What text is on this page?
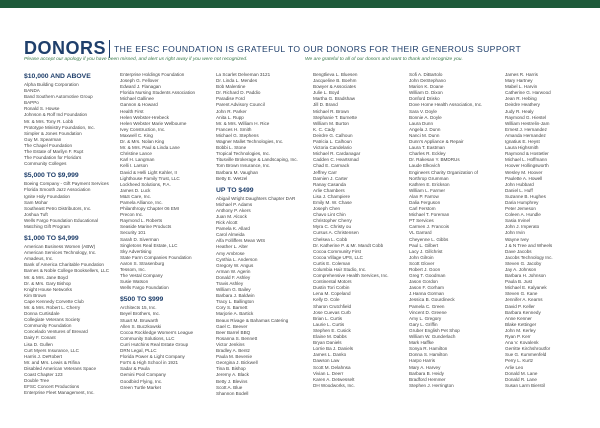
DONORS THE EFSC FOUNDATION IS GRATEFUL TO OUR DONORS FOR THEIR GENEROUS SUPPORT
Please accept our apology if you have been missed, and alert us right away if you were not recognized.	We are grateful to all of our donors and want to thank and recognize you.
$10,000 AND ABOVE
Alpha Building Corporation
BANDA
Band Southern Automotive Group
BAPPo
Ronald S. Howse
Johnson & Rolf Ind Foundation
Mr. & Mrs. Tony R. Lobb
Prototype Ministry Foundation, Inc.
Simpler & Jones Foundation
Guy M. Spearman
The Chapel Foundation
The Estate of Marilyn F. Rupt
The Foundation for Florida's
Community Colleges
$5,000 TO $9,999
Boeing Company - Gift Payment Services
Florida Smooth Jazz Association
Ignite Holy Foundation
Sam Mohar
Southeast Petro Distributors, Inc.
Joshua Tuft
Wells Fargo Foundation Educational
Matching Gift Program
$1,000 TO $4,999
American Business Women (ABW)
American Services Technology, Inc.
Amadeus, Inc.
Bank of America Charitable Foundation
Barnes & Noble College Booksellers, LLC
Mr. & Mrs. Jane Boyd
Dr. & Mrs. Gary Bishop
Knight House Networks
Kim Brown
Cape Kennedy Corvette Club
Mr. & Mrs. Robert L. Cherry
Donna Curtisdale
Collegiate Veterans Society
Community Foundation
Concelado Ventures of Brevard
Dairy F. Conant
Lisa D. Gullen
Curt Myers Insurance, LLC
Harris J. DeRobert
Mr. and Mrs. Lewis & Rifina
Disabled American Veterans Space
Coast Chapter 123
Double Tree
EFSC Concert Productions
Enterprise Fleet Management, Inc.
Enterprise Holdings Foundation
Joseph G. Fellover
Edward J. Flanagan
Florida Nursing Students Association
Michael Gallinee
Gannon & Howard
Health First
Helen Webster-Hrebeck
Helen Webster Marie Welbourne
Ivey Construction, Inc.
Maxwell C. King
Dr. & Mrs. Nolan King
Mr. & Mrs. Paul & Linda Lane
Christine Lance
Karl H. Langman
Kelli I. Larson
David & Helli Light Kahler, II
Lighthouse Family Trust, LLC
Lockheed Solutions, P.A.
James D. Luck
M&S Care, Inc.
Pamela Alliance, Inc.
Philanthropy Chapter 06 EMI
Precon Inc.
Raymond L. Roberts
Seaside Marine Products
Security 101
Sarah D. Siverman
Singletons Real Estate, LLC
Sky Advertising
State Farm Companies Foundation
Aaron S. Strasenburg
Tessom, Inc.
The Vestal Company
Susie Watson
Wells Fargo Foundation
$500 TO $999
Architects 15, Inc.
Beyel Brothers, Inc.
Stuart M. Bruwarth
Allen S. Buczkowski
Cocoa Rockledge Women's League
Community Solutions, LLC
Curri Hutchins Real Estate Group
DRN Legal, PLLC
Florida Power & Light Company
Fort's & High School in 1921
Sadar & Paula
Gemini Pool Company
Goodbird Flying, Inc.
Green Turtle Market
La Scarlet Delveman 3121
Dr. Linda L. Mendes
Bob Malentine
Dr. Richard D. Paddio
Paradise Ford
Parent Advisory Council
John R. Parker
Anita L. Rupp
Mr. & Mrs. William H. Rice
Frances H. Smith
Michael G. Stephens
Wagner Mallet Technologies, Inc.
Bobbi L. Stone
Tropical Technologies, Inc.
Titusville Brokerage & Landscaping, Inc.
Tom Brown Insurance, Inc.
Barbara M. Vaughan
Betty E. Wetzel
UP TO $499
Abigail Wright Daughters Chapter DAR
Michael P. Adams
Anthony P. Akers
Juan M. Alcock
Rick Alcott
Pamela K. Allard
Carol Almeida
Alfa Folliffers Mean WIS
Heather L. Alter
Amy Ambrose
Cynthia L. Anderson
Gregory W. Angus
Arman W. Agerin
Donald F. Ashley
Travis Ashley
William G. Bailey
Barbara J. Baldwin
Tracy L. Ballington
Cory S. Barnett
Marjorie A. Bartick
Beaux Rivage & Bahamas Catering
Gael C. Beever
Beer Barrel BBQ
Rosanna S. Bennett
Victor Jenkins
Bradley A. Bentz
Paula M. Bevenie
Georgina J. Bickwell
Tina B. Bishop
Jeremy A. Black
Betty J. Blevins
Scott A. Blue
Shannon Bodell
Bengtlieva L. Bluesen
Jacqueline B. Boehm
Bowyer & Associates
Julie L. Boyd
Martha G. Bradshaw
Jill D. Brand
Michael R. Brown
Stephanie T. Burnette
William M. Burton
K. C. Cady
Deirdre G. Calhoun
Patricia L. Calhoun
Victoria Candelario
Michael R. Cardanagar
Cadden C. Heartsmad
Chad E. Carmack
Jeffrey Carr
Damien J. Carter
Ranay Casanda
Arlie Chambers
Lisa J. Champiere
Emily M. W. Chase
Joseph Chen
Chavo Lint Chin
Christopher Cherry
Myra C. Christy ou
Cursus A. Christensen
Chelsea L. Cobb
Dr. Katherine P. & Mr. Mandt Cobb
Cocoa Community First
Cocoa Village UPS, LLC
Curtis E. Coleman
Columbia Hair Studio, Inc.
Comprehensive Health Services, Inc.
Continental Motors
Dustin Tori Corbin
Lena M. Copeland
Kelly D. Cole
Sharon Crutchfield
Jose Cuevas Curb
Brian L. Curtis
Laurie L. Curtis
Stephen E. Cusick
Elaine M. Dabbs
Bryan Daniels
Lorrie Ba J. Daniels
James L. Danko
Dawson Law
Scott M. Delahnsa
Vivian L. Deerr
Karen A. Detwesselt
DH Woodworks, Inc.
Sofi A. DiBartolo
John DeStephano
Marion K. Doane
William D. Dixon
Donford Drisko
Dove Home Health Association, Inc.
Sara V. Doyle
Bonnie A. Doyle
Laura Dunn
Angela J. Dunn
Nanci M. Dunn
Dunn's Appliance & Repair
Laura T. Eastman
Charles R. Eckley
Dr. Rakesan Y. BMDRUs
Laude Elkovich
Engineers Charity Organization of
Northrop Grumman
Kathren E. Erickson
William L. Farmer
Alan P. Farrow
Dalia Ferguson
Carl Ferstom
Michael T. Foreman
PT Services
Carmen J. Francois
VL Garrard
Cheyenne L. Gibbs
Paul L. Gilbert
Lacy J. Gillchrist
John Gilroin
Scott Glover
Robert J. Goon
Greg T. Goodman
Jason Gordon
Jason F. Gorham
J.Hanna Gorman
Jessica B. Gourdineck
Pamela C. Green
Vincent D. Greene
Amy L. Gregory
Gary L. Griffin
Gruber English Pet Shop
William W. Gunderlach
Mark Haffke
Sonya R. Hamilton
Donna S. Hamilton
Harpo Harris
Mary A. Harvey
Barbara B. Heidy
Bradford Hemmer
Stephen J. Herrington
James R. Harris
Mary Hartney
Mabel L. Harvin
Catherine G. Harwood
Jean R. Hebing
Deirdre Heathery
Judy R. Healy
Raymond G. Hiestel
William Hestrelin-Jam
Ernest J. Hernandez
Amanda Hernandez
Ignatius E. Heyst
Laura Highsmith
Raymond & Hostetler
Michael L. Hoffmann
Hoover Hollingsworth
Wesley M. Hoover
Paulette A. Howell
John Hubbard
Daniel L. Huff
Suzanne B. Hughes
Daria Humphrey
Peter Jemeson
Coleen A. Hundle
Sasia Irvinel
John J. Imperato
John Irvin
Wayne Ivey
J & N Tree and Wheels
Dave Jacobs
Jacobs Technology Inc.
Steven G. Jacoby
Jay A. Johnson
Barbara H. Johnson
Paula B. Just
Michael E. Kalyanek
Steven G. Kane
Jennifer A. Kearns
David P. Keller
Barbara Kennedy
Anne Kenner
Blake Kettinger
John M. Kerley
Ryan P. Kerr
Ana V. Kovalenk
Gerritte Kirchshroutfor
Sue G. Kummenfeld
Perry L. Kurtz
Arlie Leo
Donald M. Lane
Donald R. Lane
Susan Larm Bierstil
